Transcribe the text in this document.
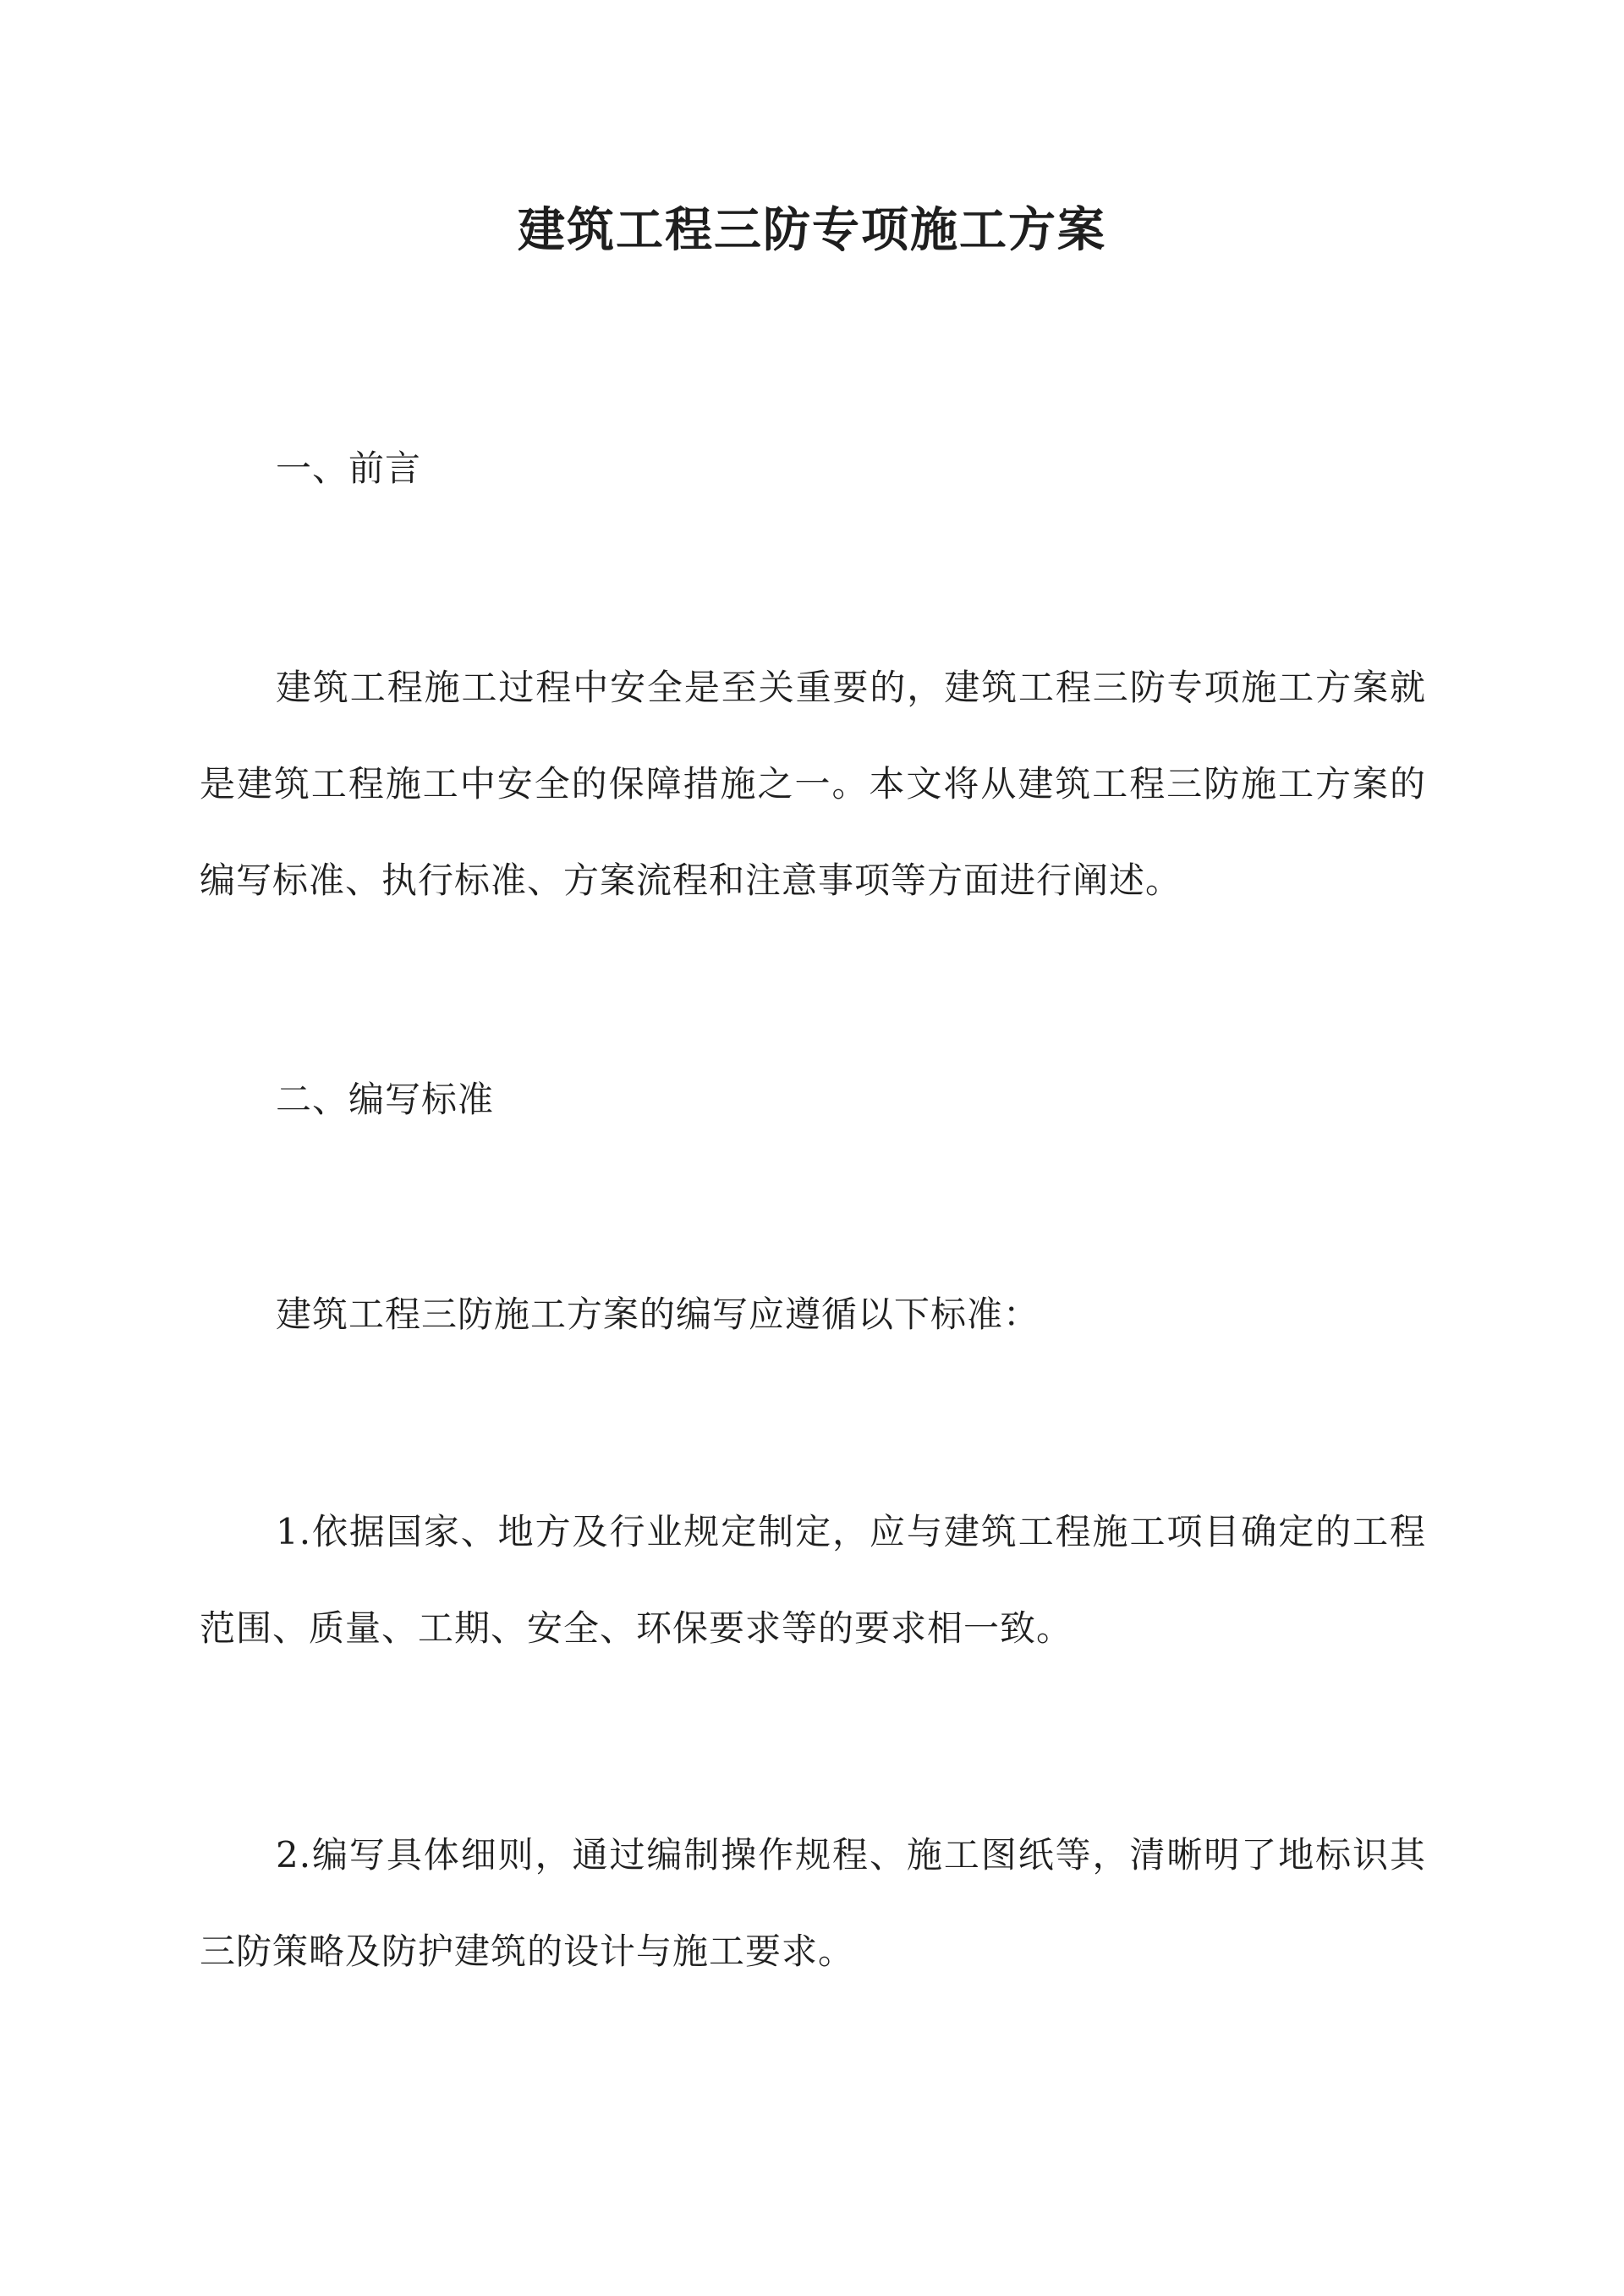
建筑工程三防专项施工方案

一、前言

建筑工程施工过程中安全是至关重要的，建筑工程三防专项施工方案就是建筑工程施工中安全的保障措施之一。本文将从建筑工程三防施工方案的编写标准、执行标准、方案流程和注意事项等方面进行阐述。

二、编写标准

建筑工程三防施工方案的编写应遵循以下标准：

1.依据国家、地方及行业规定制定，应与建筑工程施工项目确定的工程范围、质量、工期、安全、环保要求等的要求相一致。

2.编写具体细则，通过编制操作规程、施工图纸等，清晰明了地标识其三防策略及防护建筑的设计与施工要求。
